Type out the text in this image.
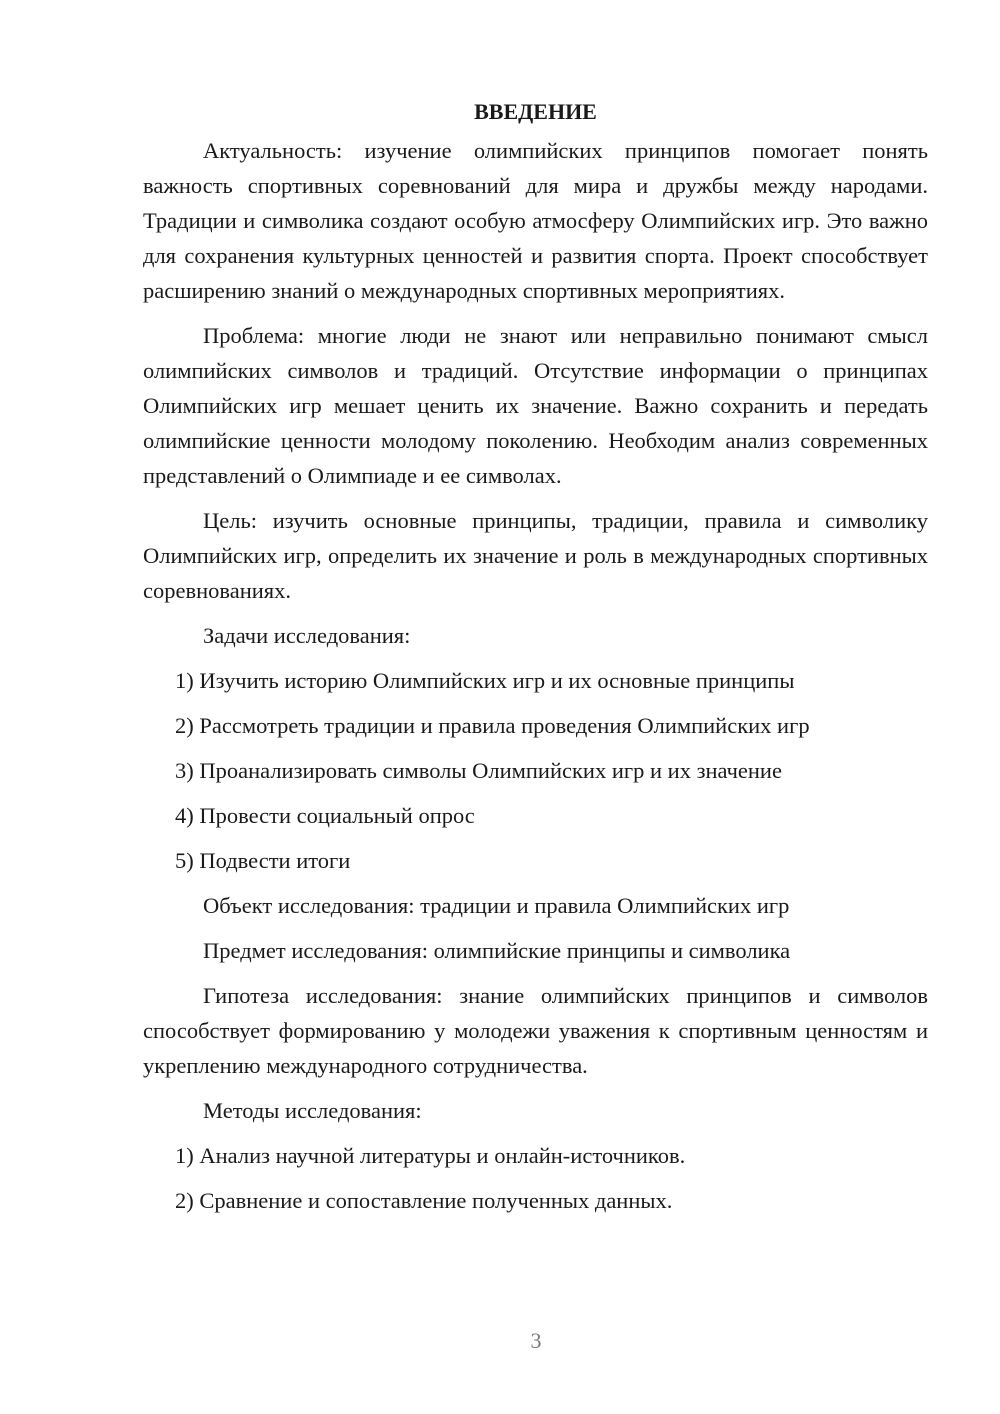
ВВЕДЕНИЕ

Актуальность: изучение олимпийских принципов помогает понять важность спортивных соревнований для мира и дружбы между народами. Традиции и символика создают особую атмосферу Олимпийских игр. Это важно для сохранения культурных ценностей и развития спорта. Проект способствует расширению знаний о международных спортивных мероприятиях.

Проблема: многие люди не знают или неправильно понимают смысл олимпийских символов и традиций. Отсутствие информации о принципах Олимпийских игр мешает ценить их значение. Важно сохранить и передать олимпийские ценности молодому поколению. Необходим анализ современных представлений о Олимпиаде и ее символах.

Цель: изучить основные принципы, традиции, правила и символику Олимпийских игр, определить их значение и роль в международных спортивных соревнованиях.

Задачи исследования:

1) Изучить историю Олимпийских игр и их основные принципы
2) Рассмотреть традиции и правила проведения Олимпийских игр
3) Проанализировать символы Олимпийских игр и их значение
4) Провести социальный опрос
5) Подвести итоги

Объект исследования: традиции и правила Олимпийских игр

Предмет исследования: олимпийские принципы и символика

Гипотеза исследования: знание олимпийских принципов и символов способствует формированию у молодежи уважения к спортивным ценностям и укреплению международного сотрудничества.

Методы исследования:

1) Анализ научной литературы и онлайн-источников.
2) Сравнение и сопоставление полученных данных.
3
